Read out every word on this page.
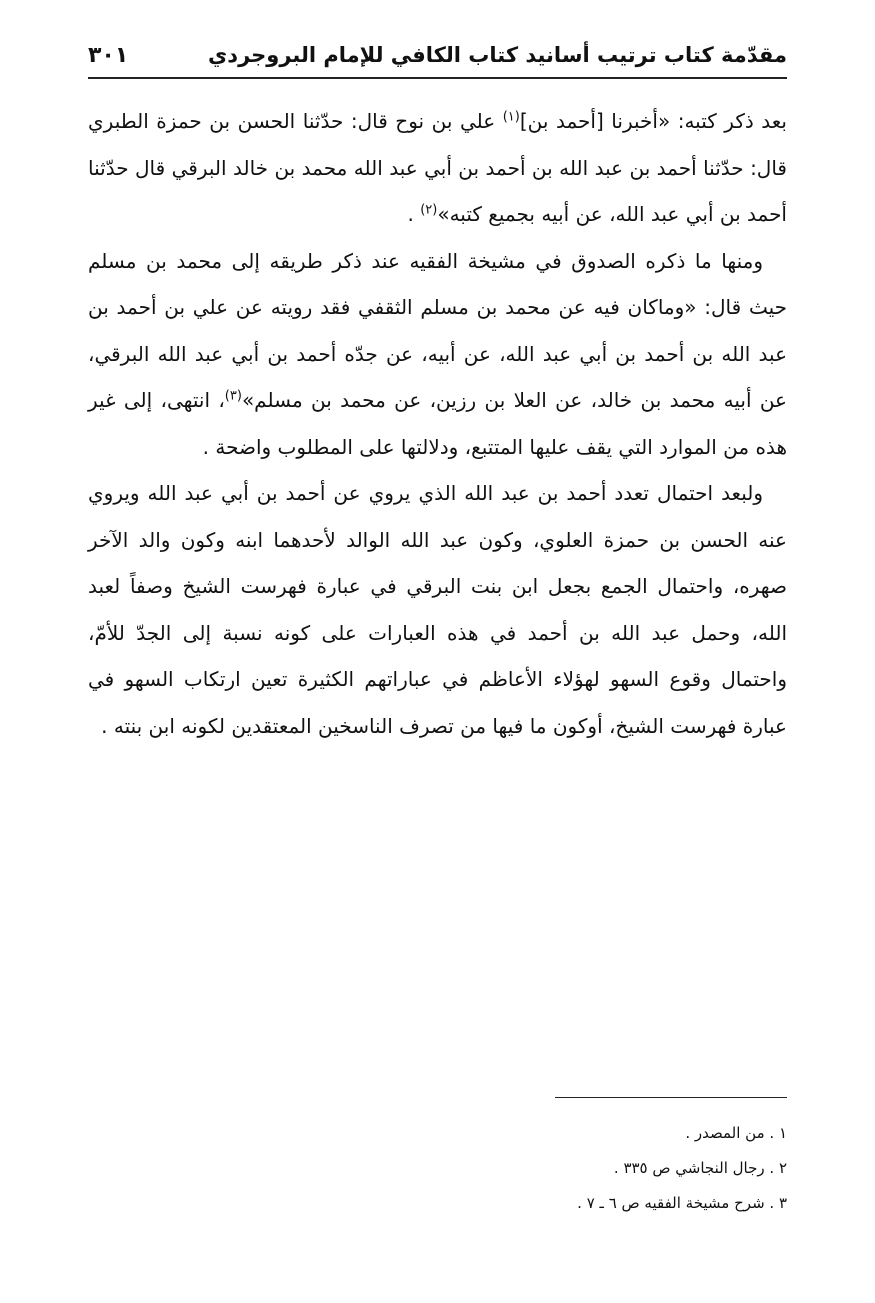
٣٠١	مقدّمة كتاب ترتيب أسانيد كتاب الكافي للإمام البروجردي

بعد ذكر كتبه: «أخبرنا [أحمد بن]$^{(١)}$ علي بن نوح قال: حدّثنا الحسن بن حمزة الطبري قال: حدّثنا أحمد بن عبد الله بن أحمد بن أبي عبد الله محمد بن خالد البرقي قال حدّثنا أحمد بن أبي عبد الله، عن أبيه بجميع كتبه»$^{(٢)}$ .

ومنها ما ذكره الصدوق في مشيخة الفقيه عند ذكر طريقه إلى محمد بن مسلم حيث قال: «وماكان فيه عن محمد بن مسلم الثقفي فقد رويته عن علي بن أحمد بن عبد الله بن أحمد بن أبي عبد الله، عن أبيه، عن جدّه أحمد بن أبي عبد الله البرقي، عن أبيه محمد بن خالد، عن العلا بن رزين، عن محمد بن مسلم»$^{(٣)}$، انتهى، إلى غير هذه من الموارد التي يقف عليها المتتبع، ودلالتها على المطلوب واضحة .

ولبعد احتمال تعدد أحمد بن عبد الله الذي يروي عن أحمد بن أبي عبد الله ويروي عنه الحسن بن حمزة العلوي، وكون عبد الله الوالد لأحدهما ابنه وكون والد الآخر صهره، واحتمال الجمع بجعل ابن بنت البرقي في عبارة فهرست الشيخ وصفاً لعبد الله، وحمل عبد الله بن أحمد في هذه العبارات على كونه نسبة إلى الجدّ للأمّ، واحتمال وقوع السهو لهؤلاء الأعاظم في عباراتهم الكثيرة تعين ارتكاب السهو في عبارة فهرست الشيخ، أوكون ما فيها من تصرف الناسخين المعتقدين لكونه ابن بنته .

١ . من المصدر .
٢ . رجال النجاشي ص ٣٣٥ .
٣ . شرح مشيخة الفقيه ص ٦ ـ ٧ .
